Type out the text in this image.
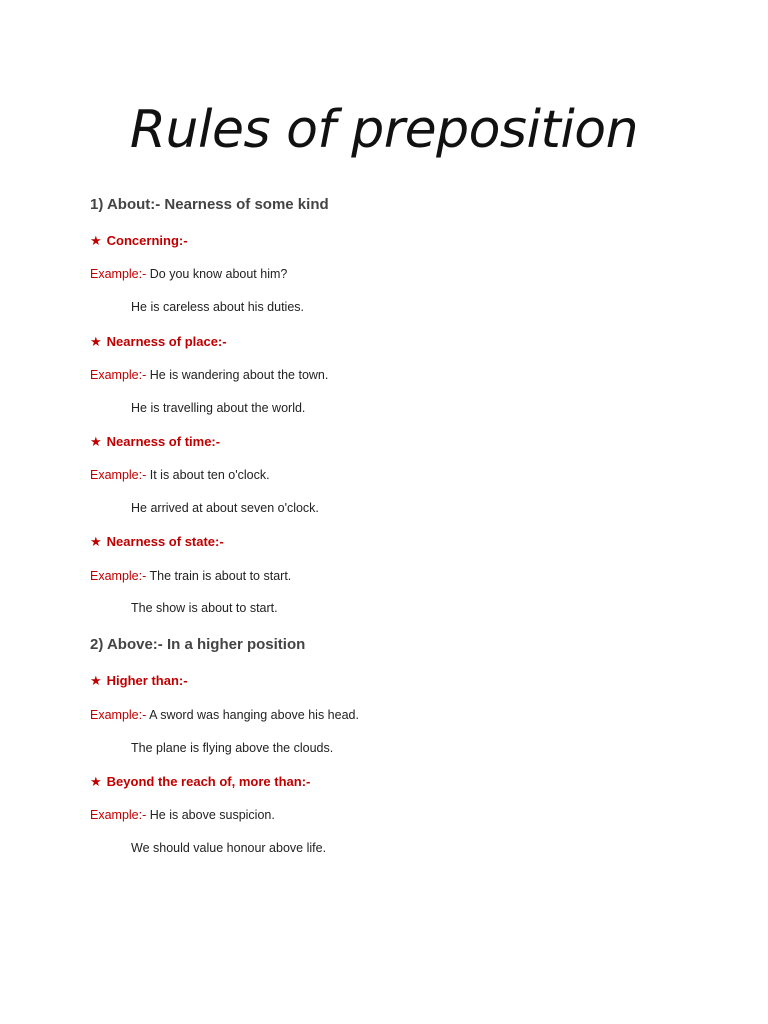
Rules of preposition
1) About:- Nearness of some kind
★ Concerning:-
Example:- Do you know about him?
He is careless about his duties.
★ Nearness of place:-
Example:- He is wandering about the town.
He is travelling about the world.
★ Nearness of time:-
Example:- It is about ten o'clock.
He arrived at about seven o'clock.
★ Nearness of state:-
Example:- The train is about to start.
The show is about to start.
2) Above:- In a higher position
★ Higher than:-
Example:- A sword was hanging above his head.
The plane is flying above the clouds.
★ Beyond the reach of, more than:-
Example:- He is above suspicion.
We should value honour above life.
